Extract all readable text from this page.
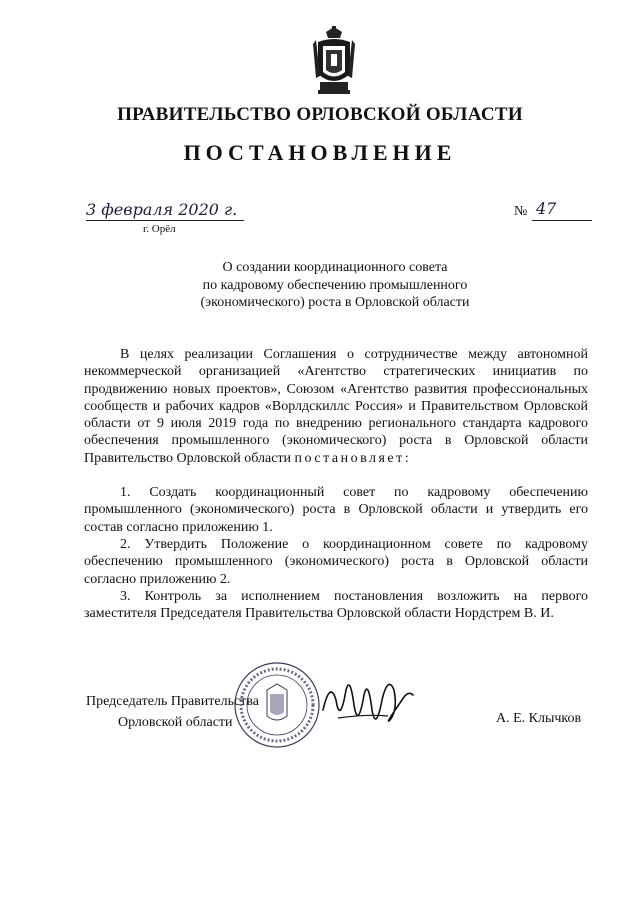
ПРАВИТЕЛЬСТВО ОРЛОВСКОЙ ОБЛАСТИ
ПОСТАНОВЛЕНИЕ
3 февраля 2020 г.
г. Орёл
№ 47
О создании координационного совета
по кадровому обеспечению промышленного
(экономического) роста в Орловской области

В целях реализации Соглашения о сотрудничестве между автономной некоммерческой организацией «Агентство стратегических инициатив по продвижению новых проектов», Союзом «Агентство развития профессиональных сообществ и рабочих кадров «Ворлдскиллс Россия» и Правительством Орловской области от 9 июля 2019 года по внедрению регионального стандарта кадрового обеспечения промышленного (экономического) роста в Орловской области Правительство Орловской области постановляет:

1. Создать координационный совет по кадровому обеспечению промышленного (экономического) роста в Орловской области и утвердить его состав согласно приложению 1.

2. Утвердить Положение о координационном совете по кадровому обеспечению промышленного (экономического) роста в Орловской области согласно приложению 2.

3. Контроль за исполнением постановления возложить на первого заместителя Председателя Правительства Орловской области Нордстрем В. И.

Председатель Правительства
Орловской области	А. Е. Клычков
